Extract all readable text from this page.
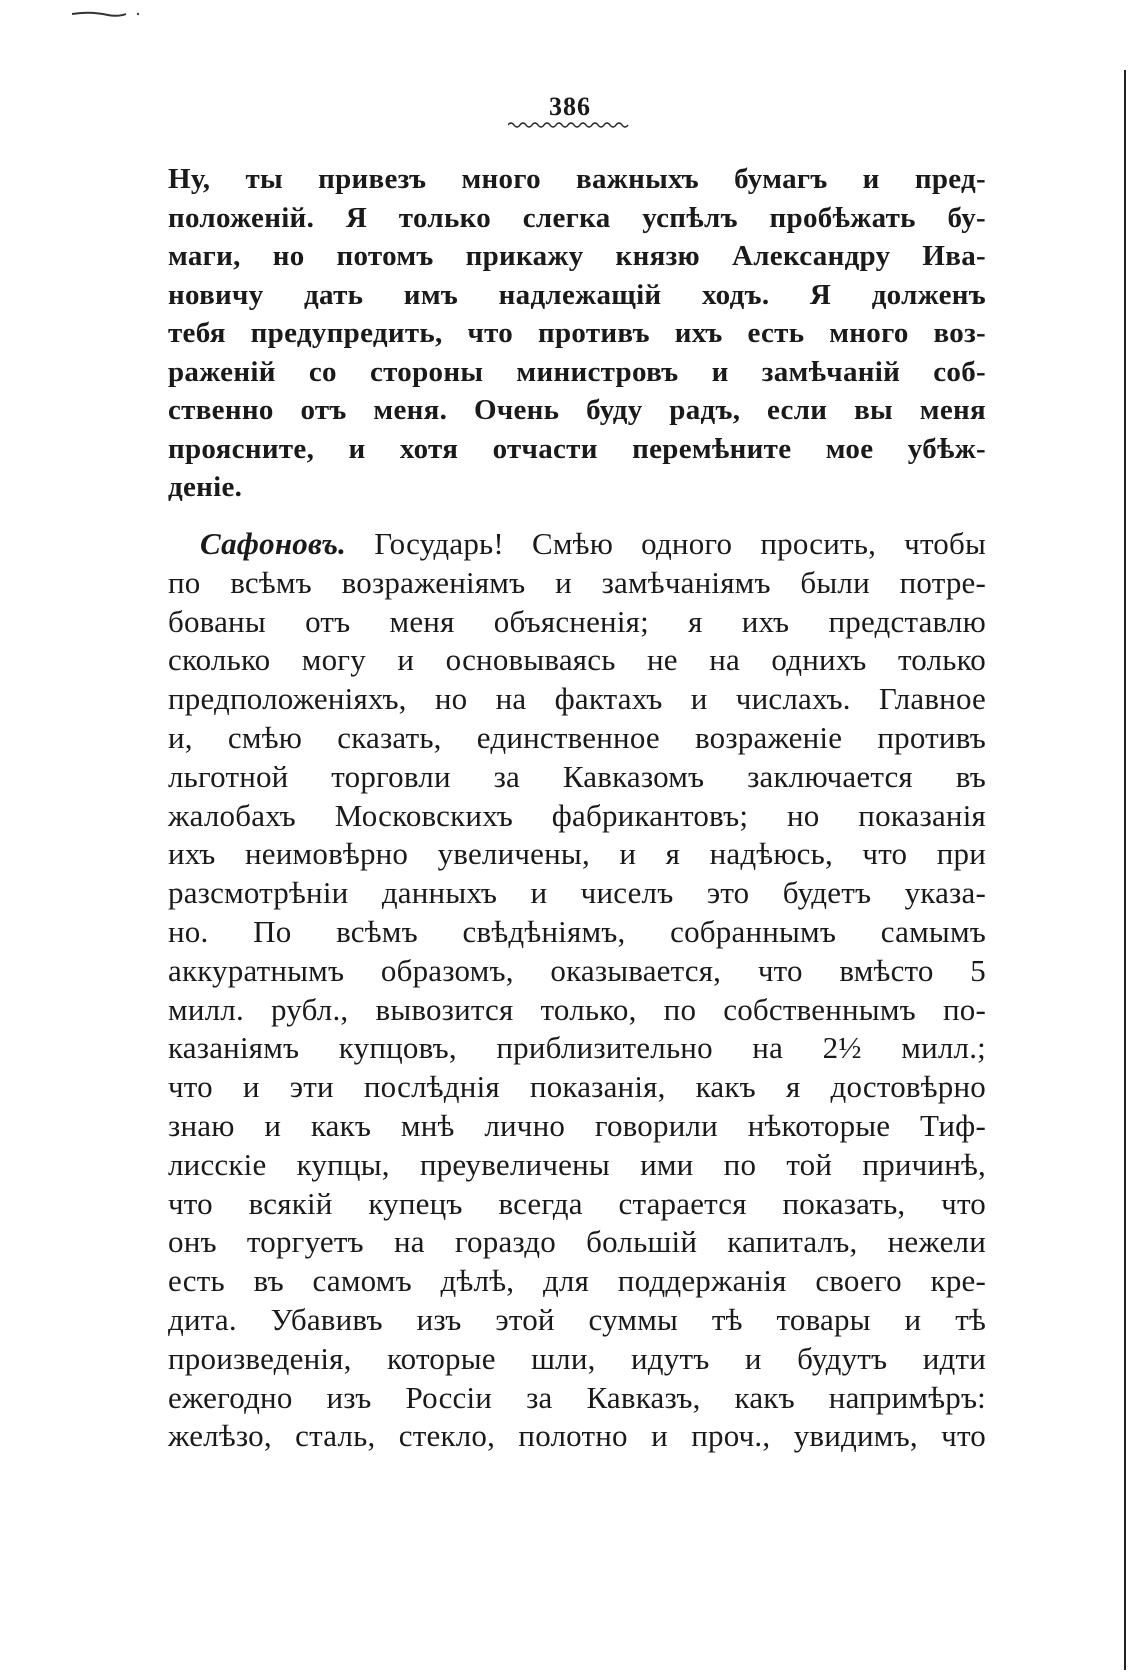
386
Ну, ты привезъ много важныхъ бумагъ и пред-
положеній. Я только слегка успѣлъ пробѣжать бу-
маги, но потомъ прикажу князю Александру Ива-
новичу дать имъ надлежащій ходъ. Я долженъ
тебя предупредить, что противъ ихъ есть много воз-
раженій со стороны министровъ и замѣчаній соб-
ственно отъ меня. Очень буду радъ, если вы меня
проясните, и хотя отчасти перемѣните мое убѣж-
деніе.
Сафоновъ. Государь! Смѣю одного просить, чтобы
по всѣмъ возраженіямъ и замѣчаніямъ были потре-
бованы отъ меня объясненія; я ихъ представлю
сколько могу и основываясь не на однихъ только
предположеніяхъ, но на фактахъ и числахъ. Главное
и, смѣю сказать, единственное возраженіе противъ
льготной торговли за Кавказомъ заключается въ
жалобахъ Московскихъ фабрикантовъ; но показанія
ихъ неимовѣрно увеличены, и я надѣюсь, что при
разсмотрѣніи данныхъ и чиселъ это будетъ указа-
но. По всѣмъ свѣдѣніямъ, собраннымъ самымъ
аккуратнымъ образомъ, оказывается, что вмѣсто 5
милл. рубл., вывозится только, по собственнымъ по-
казаніямъ купцовъ, приблизительно на 2½ милл.;
что и эти послѣднія показанія, какъ я достовѣрно
знаю и какъ мнѣ лично говорили нѣкоторые Тиф-
лисскіе купцы, преувеличены ими по той причинѣ,
что всякій купецъ всегда старается показать, что
онъ торгуетъ на гораздо большій капиталъ, нежели
есть въ самомъ дѣлѣ, для поддержанія своего кре-
дита. Убавивъ изъ этой суммы тѣ товары и тѣ
произведенія, которые шли, идутъ и будутъ идти
ежегодно изъ Россіи за Кавказъ, какъ напримѣръ:
желѣзо, сталь, стекло, полотно и проч., увидимъ, что
